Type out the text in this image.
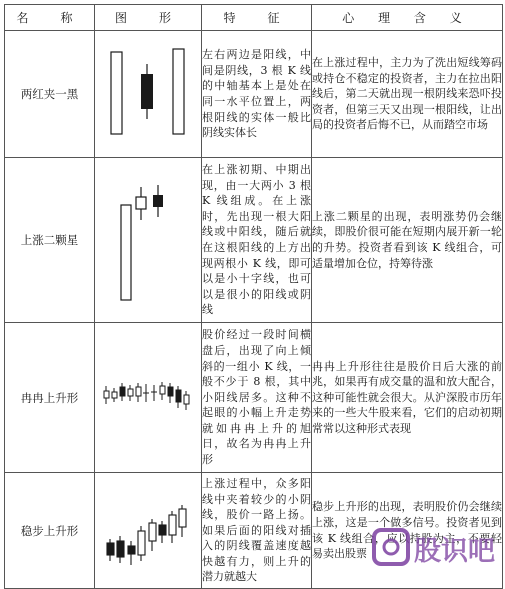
名　称	图　形	特　征	心 理 含 义
两红夹一黑		左右两边是阳线，中间是阴线，3 根 K 线的中轴基本上是处在同一水平位置上，两根阳线的实体一般比阴线实体长	在上涨过程中，主力为了洗出短线筹码或持仓不稳定的投资者，主力在拉出阳线后，第二天就出现一根阴线来恐吓投资者，但第三天又出现一根阳线，让出局的投资者后悔不已，从而踏空市场

上涨二颗星		在上涨初期、中期出现，由一大两小 3 根 K 线组成。在上涨时，先出现一根大阳线或中阳线，随后就在这根阳线的上方出现两根小 K 线，即可以是小十字线，也可以是很小的阳线或阴线	上涨二颗星的出现，表明涨势仍会继续，即股价很可能在短期内展开新一轮的升势。投资者看到该 K 线组合，可适量增加仓位，持筹待涨

冉冉上升形		股价经过一段时间横盘后，出现了向上倾斜的一组小 K 线，一般不少于 8 根，其中小阳线居多。这种不起眼的小幅上升走势就如冉冉上升的旭日，故名为冉冉上升形	冉冉上升形往往是股价日后大涨的前兆，如果再有成交量的温和放大配合，这种可能性就会很大。从沪深股市历年来的一些大牛股来看，它们的启动初期常常以这种形式表现

稳步上升形		上涨过程中，众多阳线中夹着较少的小阴线，股价一路上扬。如果后面的阳线对插入的阴线覆盖速度越快越有力，则上升的潜力就越大	稳步上升形的出现，表明股价仍会继续上涨，这是一个做多信号。投资者见到该 K 线组合，应以持股为主，不要轻易卖出股票	股识吧
